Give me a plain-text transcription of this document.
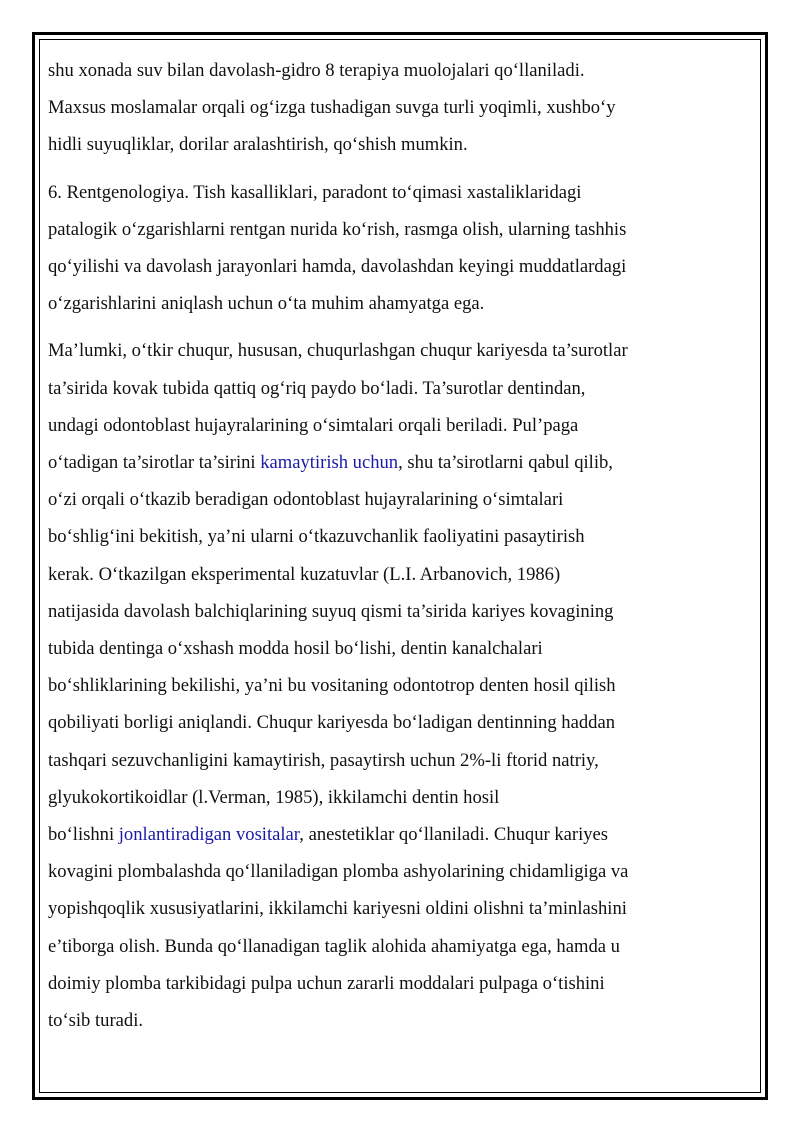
shu xonada suv bilan davolash-gidro 8 terapiya muolojalari qo‘llaniladi.
Maxsus moslamalar orqali og‘izga tushadigan suvga turli yoqimli, xushbo‘y
hidli suyuqliklar, dorilar aralashtirish, qo‘shish mumkin.
6. Rentgenologiya. Tish kasalliklari, paradont to‘qimasi xastaliklaridagi
patalogik o‘zgarishlarni rentgan nurida ko‘rish, rasmga olish, ularning tashhis
qo‘yilishi va davolash jarayonlari hamda, davolashdan keyingi muddatlardagi
o‘zgarishlarini aniqlash uchun o‘ta muhim ahamyatga ega.
Ma’lumki, o‘tkir chuqur, hususan, chuqurlashgan chuqur kariyesda ta’surotlar
ta’sirida kovak tubida qattiq og‘riq paydo bo‘ladi. Ta’surotlar dentindan,
undagi odontoblast hujayralarining o‘simtalari orqali beriladi. Pul’paga
o‘tadigan ta’sirotlar ta’sirini kamaytirish uchun, shu ta’sirotlarni qabul qilib,
o‘zi orqali o‘tkazib beradigan odontoblast hujayralarining o‘simtalari
bo‘shlig‘ini bekitish, ya’ni ularni o‘tkazuvchanlik faoliyatini pasaytirish
kerak. O‘tkazilgan eksperimental kuzatuvlar (L.I. Arbanovich, 1986)
natijasida davolash balchiqlarining suyuq qismi ta’sirida kariyes kovagining
tubida dentinga o‘xshash modda hosil bo‘lishi, dentin kanalchalari
bo‘shliklarining bekilishi, ya’ni bu vositaning odontotrop denten hosil qilish
qobiliyati borligi aniqlandi. Chuqur kariyesda bo‘ladigan dentinning haddan
tashqari sezuvchanligini kamaytirish, pasaytirsh uchun 2%-li ftorid natriy,
glyukokortikoidlar (l.Verman, 1985), ikkilamchi dentin hosil
bo‘lishni jonlantiradigan vositalar, anestetiklar qo‘llaniladi. Chuqur kariyes
kovagini plombalashda qo‘llaniladigan plomba ashyolarining chidamligiga va
yopishqoqlik xususiyatlarini, ikkilamchi kariyesni oldini olishni ta’minlashini
e’tiborga olish. Bunda qo‘llanadigan taglik alohida ahamiyatga ega, hamda u
doimiy plomba tarkibidagi pulpa uchun zararli moddalari pulpaga o‘tishini
to‘sib turadi.
